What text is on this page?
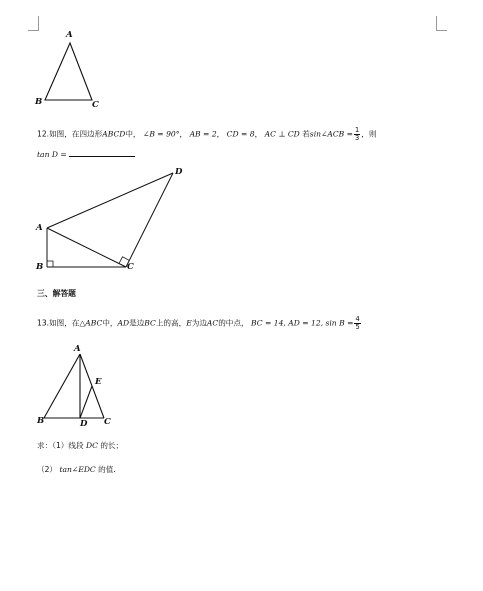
A
B	C
12.如图，在四边形ABCD中， ∠B = 90°， AB = 2， CD = 8， AC ⊥ CD 若sin∠ACB = $\frac{1}{3}$ ，则
tan D =
A
B	C
D
三、解答题
13.如图，在△ABC中，AD是边BC上的高，E为边AC的中点， BC = 14, AD = 12, $\sin B = \frac{4}{5}$
A
E
B	D C
求：（1）线段 DC 的长；
（2） tan∠EDC 的值.
